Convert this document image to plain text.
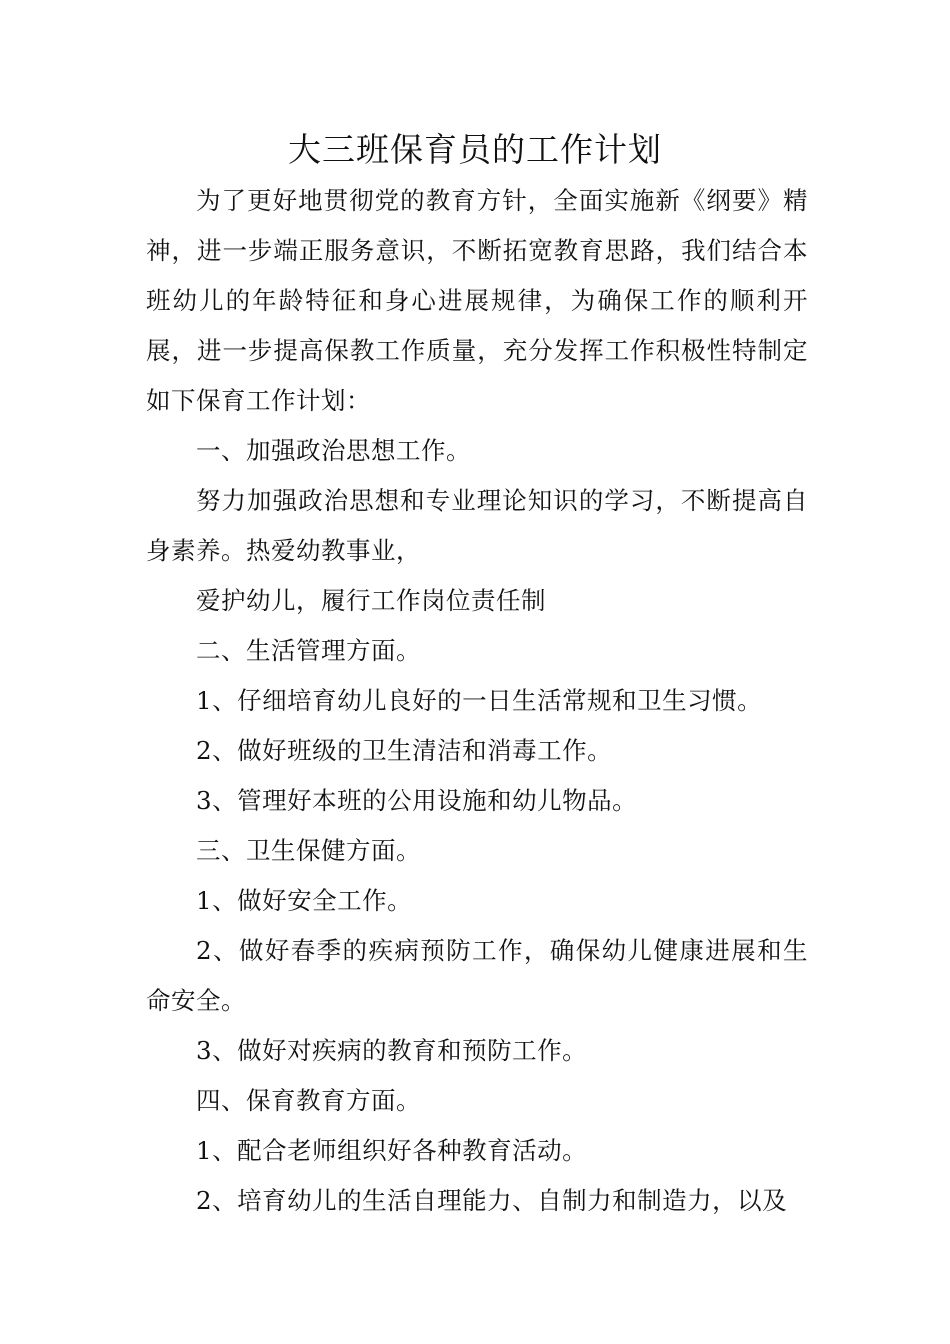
大三班保育员的工作计划

为了更好地贯彻党的教育方针，全面实施新《纲要》精神，进一步端正服务意识，不断拓宽教育思路，我们结合本班幼儿的年龄特征和身心进展规律，为确保工作的顺利开展，进一步提高保教工作质量，充分发挥工作积极性特制定如下保育工作计划：

一、加强政治思想工作。

努力加强政治思想和专业理论知识的学习，不断提高自身素养。热爱幼教事业，

爱护幼儿，履行工作岗位责任制

二、生活管理方面。

1、仔细培育幼儿良好的一日生活常规和卫生习惯。

2、做好班级的卫生清洁和消毒工作。

3、管理好本班的公用设施和幼儿物品。

三、卫生保健方面。

1、做好安全工作。

2、做好春季的疾病预防工作，确保幼儿健康进展和生命安全。

3、做好对疾病的教育和预防工作。

四、保育教育方面。

1、配合老师组织好各种教育活动。

2、培育幼儿的生活自理能力、自制力和制造力，以及
